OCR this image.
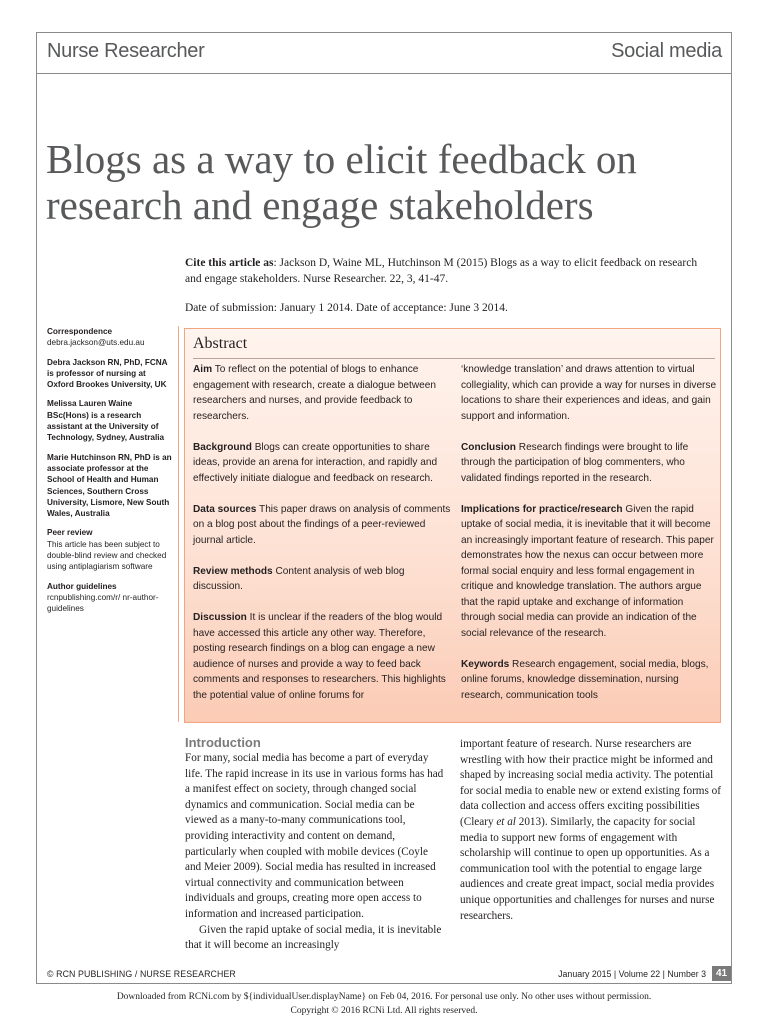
Nurse Researcher	Social media
Blogs as a way to elicit feedback on research and engage stakeholders
Cite this article as: Jackson D, Waine ML, Hutchinson M (2015) Blogs as a way to elicit feedback on research and engage stakeholders. Nurse Researcher. 22, 3, 41-47.
Date of submission: January 1 2014. Date of acceptance: June 3 2014.
Correspondence
debra.jackson@uts.edu.au
Debra Jackson RN, PhD, FCNA is professor of nursing at Oxford Brookes University, UK
Melissa Lauren Waine BSc(Hons) is a research assistant at the University of Technology, Sydney, Australia
Marie Hutchinson RN, PhD is an associate professor at the School of Health and Human Sciences, Southern Cross University, Lismore, New South Wales, Australia
Peer review
This article has been subject to double-blind review and checked using antiplagiarism software
Author guidelines
rcnpublishing.com/r/ nr-author-guidelines
Abstract

Aim To reflect on the potential of blogs to enhance engagement with research, create a dialogue between researchers and nurses, and provide feedback to researchers.

Background Blogs can create opportunities to share ideas, provide an arena for interaction, and rapidly and effectively initiate dialogue and feedback on research.

Data sources This paper draws on analysis of comments on a blog post about the findings of a peer-reviewed journal article.

Review methods Content analysis of web blog discussion.

Discussion It is unclear if the readers of the blog would have accessed this article any other way. Therefore, posting research findings on a blog can engage a new audience of nurses and provide a way to feed back comments and responses to researchers. This highlights the potential value of online forums for

‘knowledge translation’ and draws attention to virtual collegiality, which can provide a way for nurses in diverse locations to share their experiences and ideas, and gain support and information.

Conclusion Research findings were brought to life through the participation of blog commenters, who validated findings reported in the research.

Implications for practice/research Given the rapid uptake of social media, it is inevitable that it will become an increasingly important feature of research. This paper demonstrates how the nexus can occur between more formal social enquiry and less formal engagement in critique and knowledge translation. The authors argue that the rapid uptake and exchange of information through social media can provide an indication of the social relevance of the research.

Keywords Research engagement, social media, blogs, online forums, knowledge dissemination, nursing research, communication tools

Introduction

For many, social media has become a part of everyday life. The rapid increase in its use in various forms has had a manifest effect on society, through changed social dynamics and communication. Social media can be viewed as a many-to-many communications tool, providing interactivity and content on demand, particularly when coupled with mobile devices (Coyle and Meier 2009). Social media has resulted in increased virtual connectivity and communication between individuals and groups, creating more open access to information and increased participation.

Given the rapid uptake of social media, it is inevitable that it will become an increasingly

important feature of research. Nurse researchers are wrestling with how their practice might be informed and shaped by increasing social media activity. The potential for social media to enable new or extend existing forms of data collection and access offers exciting possibilities (Cleary et al 2013). Similarly, the capacity for social media to support new forms of engagement with scholarship will continue to open up opportunities. As a communication tool with the potential to engage large audiences and create great impact, social media provides unique opportunities and challenges for nurses and nurse researchers.

© RCN PUBLISHING / NURSE RESEARCHER	January 2015 | Volume 22 | Number 3 41
Downloaded from RCNi.com by ${individualUser.displayName} on Feb 04, 2016. For personal use only. No other uses without permission.
Copyright © 2016 RCNi Ltd. All rights reserved.
